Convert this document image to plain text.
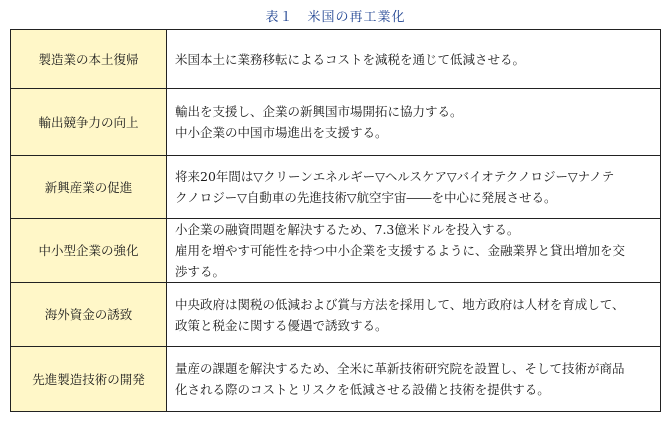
表１　米国の再工業化
製造業の本土復帰	米国本土に業務移転によるコストを減税を通じて低減させる。

輸出競争力の向上	輸出を支援し、企業の新興国市場開拓に協力する。
中小企業の中国市場進出を支援する。

新興産業の促進	将来20年間は▽クリーンエネルギー▽ヘルスケア▽バイオテクノロジー▽ナノテ
クノロジー▽自動車の先進技術▽航空宇宙――を中心に発展させる。

中小型企業の強化	小企業の融資問題を解決するため、7.3億米ドルを投入する。
雇用を増やす可能性を持つ中小企業を支援するように、金融業界と貸出増加を交
渉する。

海外資金の誘致	中央政府は関税の低減および賞与方法を採用して、地方政府は人材を育成して、
政策と税金に関する優遇で誘致する。

先進製造技術の開発	量産の課題を解決するため、全米に革新技術研究院を設置し、そして技術が商品
化される際のコストとリスクを低減させる設備と技術を提供する。
